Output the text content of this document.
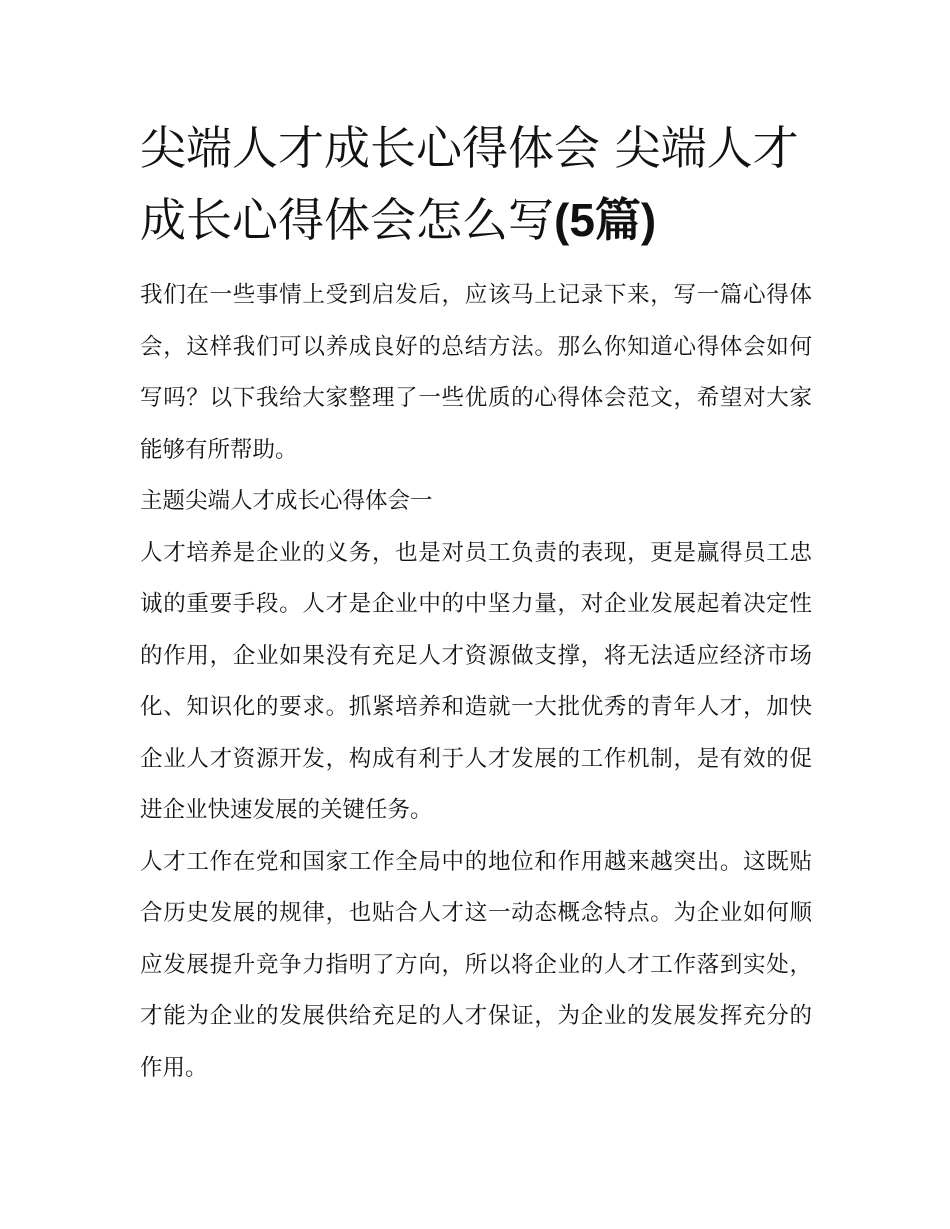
尖端人才成长心得体会 尖端人才成长心得体会怎么写(5篇)

我们在一些事情上受到启发后，应该马上记录下来，写一篇心得体会，这样我们可以养成良好的总结方法。那么你知道心得体会如何写吗？以下我给大家整理了一些优质的心得体会范文，希望对大家能够有所帮助。

主题尖端人才成长心得体会一

人才培养是企业的义务，也是对员工负责的表现，更是赢得员工忠诚的重要手段。人才是企业中的中坚力量，对企业发展起着决定性的作用，企业如果没有充足人才资源做支撑，将无法适应经济市场化、知识化的要求。抓紧培养和造就一大批优秀的青年人才，加快企业人才资源开发，构成有利于人才发展的工作机制，是有效的促进企业快速发展的关键任务。

人才工作在党和国家工作全局中的地位和作用越来越突出。这既贴合历史发展的规律，也贴合人才这一动态概念特点。为企业如何顺应发展提升竞争力指明了方向，所以将企业的人才工作落到实处，才能为企业的发展供给充足的人才保证，为企业的发展发挥充分的作用。
